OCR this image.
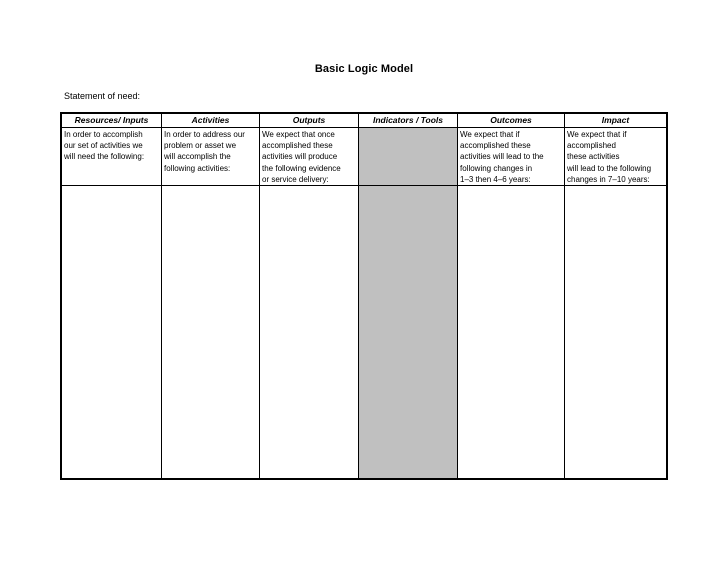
Basic Logic Model
Statement of need:
Resources/ Inputs
In order to accomplish
our set of activities we
will need the following:
Activities
In order to address our
problem or asset we
will accomplish the
following activities:
Outputs
We expect that once
accomplished these
activities will produce
the following evidence
or service delivery:
Indicators / Tools	Outcomes
We expect that if
accomplished these
activities will lead to the
following changes in
1–3 then 4–6 years:
Impact
We expect that if
accomplished
these activities
will lead to the following
changes in 7–10 years:
